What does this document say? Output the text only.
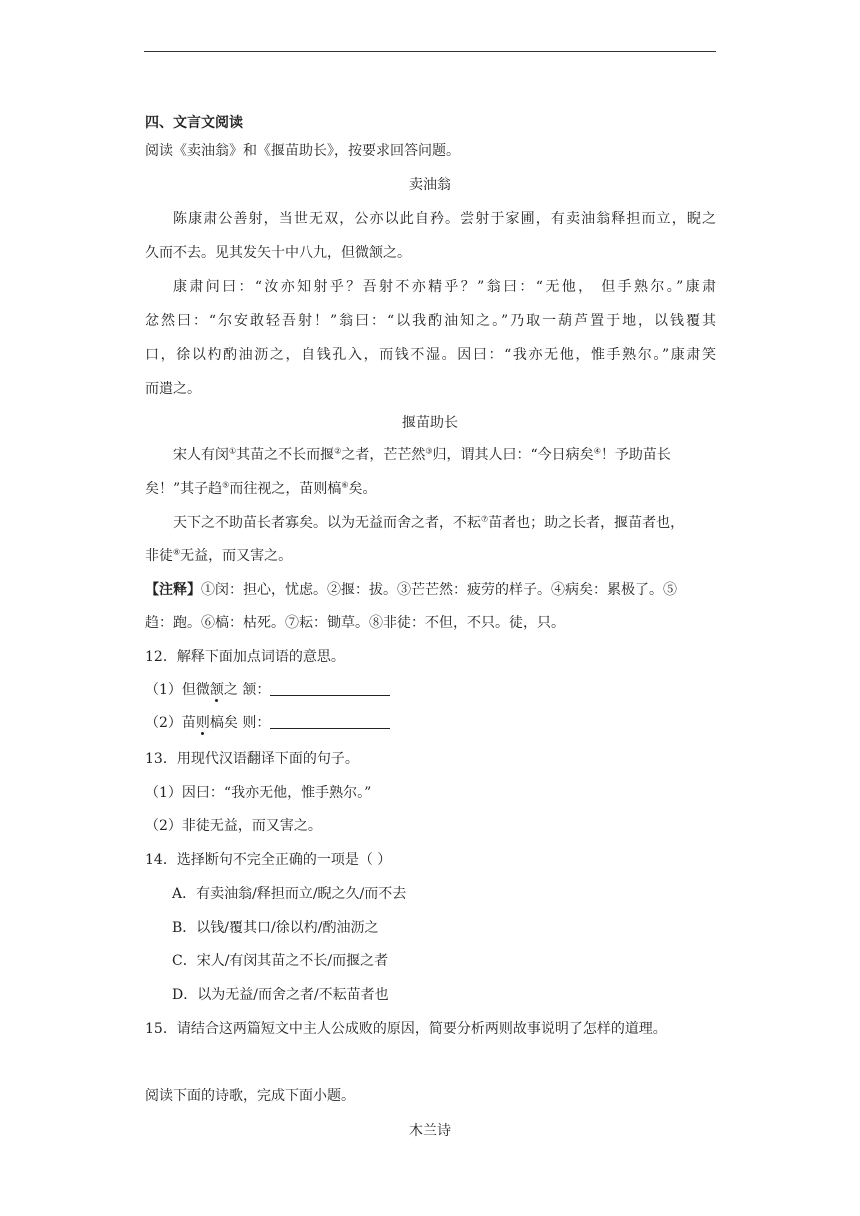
四、文言文阅读
阅读《卖油翁》和《揠苗助长》，按要求回答问题。
卖油翁
陈康肃公善射，当世无双，公亦以此自矜。尝射于家圃，有卖油翁释担而立，睨之
久而不去。见其发矢十中八九，但微颔之。
康肃问曰：“汝亦知射乎？吾射不亦精乎？”翁曰：“无他， 但手熟尔。”康肃
忿然曰：“尔安敢轻吾射！”翁曰：“以我酌油知之。”乃取一葫芦置于地，以钱覆其
口，徐以杓酌油沥之，自钱孔入，而钱不湿。因曰：“我亦无他，惟手熟尔。”康肃笑
而遣之。
揠苗助长
宋人有闵①其苗之不长而揠②之者，芒芒然③归，谓其人曰：“今日病矣④！予助苗长
矣！”其子趋⑤而往视之，苗则槁⑥矣。
天下之不助苗长者寡矣。以为无益而舍之者，不耘⑦苗者也；助之长者，揠苗者也，
非徒⑧无益，而又害之。
【注释】①闵：担心，忧虑。②揠：拔。③芒芒然：疲劳的样子。④病矣：累极了。⑤
趋：跑。⑥槁：枯死。⑦耘：锄草。⑧非徒：不但，不只。徒，只。
12．解释下面加点词语的意思。
（1）但微颔之 颔：
（2）苗则槁矣 则：
13．用现代汉语翻译下面的句子。
（1）因曰：“我亦无他，惟手熟尔。”
（2）非徒无益，而又害之。
14．选择断句不完全正确的一项是（ ）
A．有卖油翁/释担而立/睨之久/而不去
B．以钱/覆其口/徐以杓/酌油沥之
C．宋人/有闵其苗之不长/而揠之者
D．以为无益/而舍之者/不耘苗者也
15．请结合这两篇短文中主人公成败的原因，简要分析两则故事说明了怎样的道理。
阅读下面的诗歌，完成下面小题。
木兰诗
